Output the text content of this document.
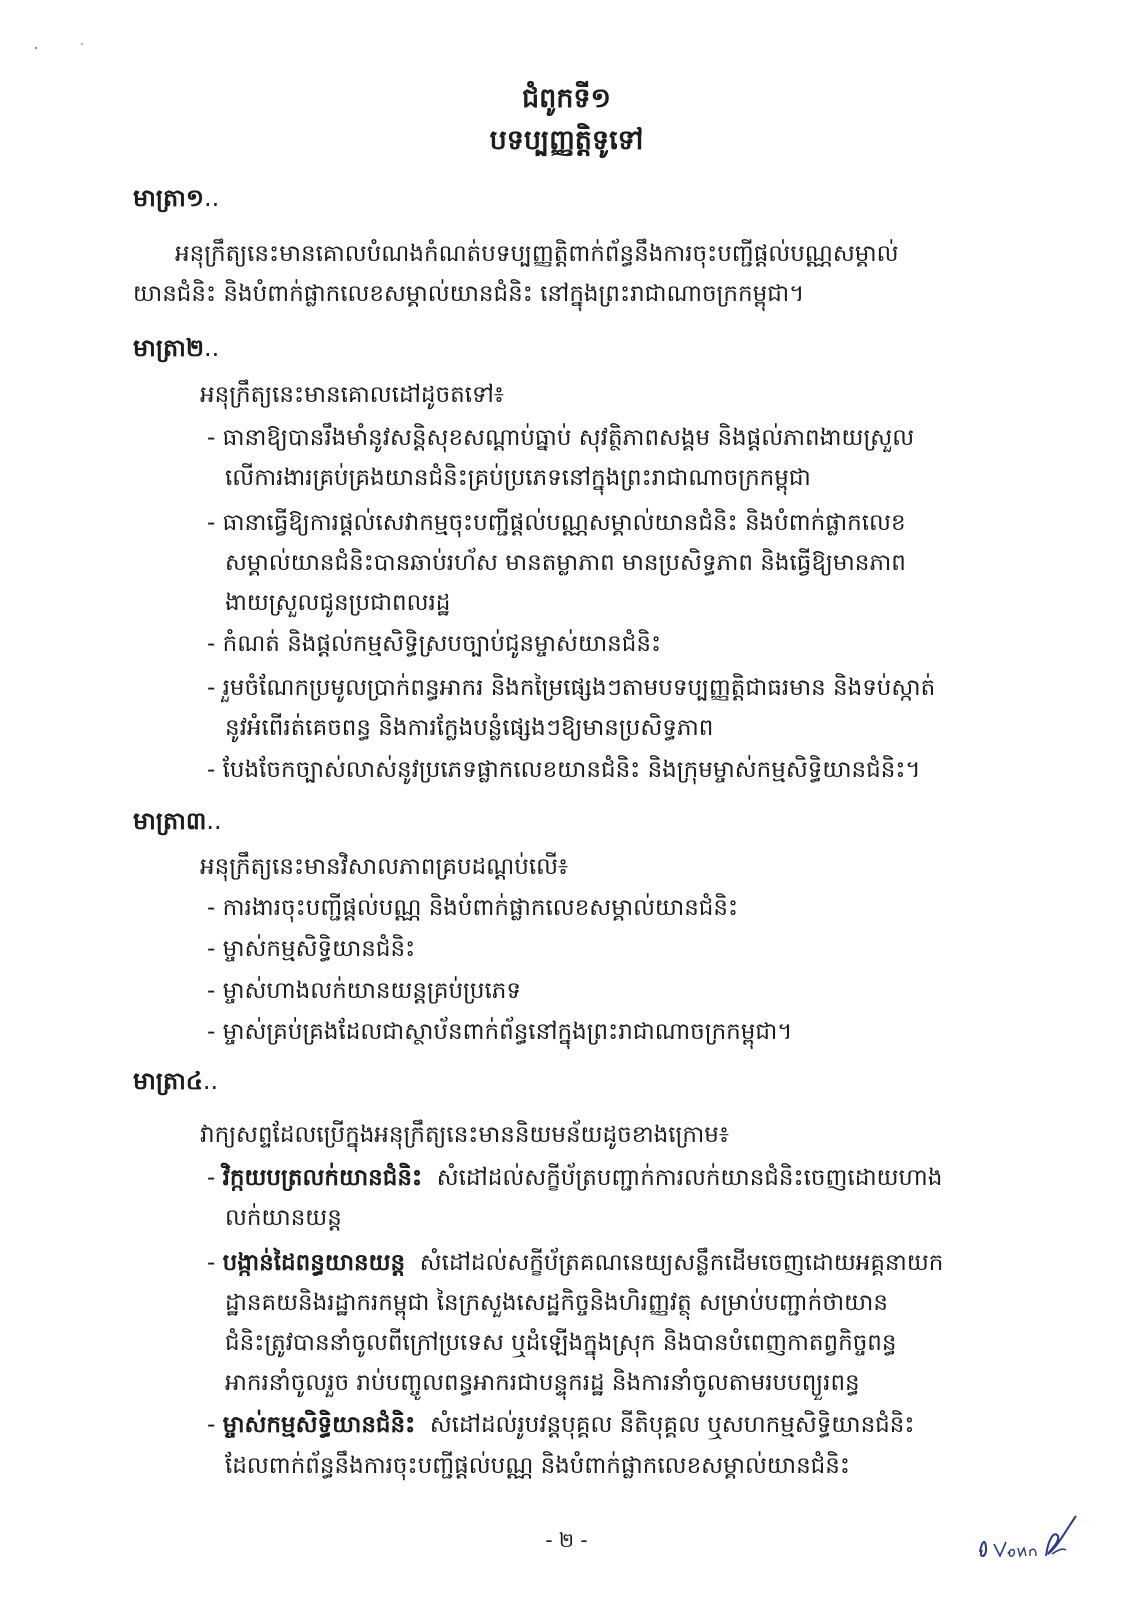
ជំពូកទី១
បទប្បញ្ញត្តិទូទៅ
មាត្រា១..

អនុក្រឹត្យនេះមានគោលបំណងកំណត់បទប្បញ្ញត្តិពាក់ព័ន្ធនឹងការចុះបញ្ជីផ្តល់បណ្ណសម្គាល់

យានជំនិះ និងបំពាក់ផ្លាកលេខសម្គាល់យានជំនិះ នៅក្នុងព្រះរាជាណាចក្រកម្ពុជា។

មាត្រា២..

អនុក្រឹត្យនេះមានគោលដៅដូចតទៅ៖

- ធានាឱ្យបានរឹងមាំនូវសន្តិសុខសណ្តាប់ធ្នាប់ សុវត្ថិភាពសង្គម និងផ្តល់ភាពងាយស្រួល

លើការងារគ្រប់គ្រងយានជំនិះគ្រប់ប្រភេទនៅក្នុងព្រះរាជាណាចក្រកម្ពុជា

- ធានាធ្វើឱ្យការផ្តល់សេវាកម្មចុះបញ្ជីផ្តល់បណ្ណសម្គាល់យានជំនិះ និងបំពាក់ផ្លាកលេខ

សម្គាល់យានជំនិះបានឆាប់រហ័ស មានតម្លាភាព មានប្រសិទ្ធភាព និងធ្វើឱ្យមានភាព

ងាយស្រួលជូនប្រជាពលរដ្ឋ

- កំណត់ និងផ្តល់កម្មសិទ្ធិស្របច្បាប់ជូនម្ចាស់យានជំនិះ

- រួមចំណែកប្រមូលប្រាក់ពន្ធអាករ និងកម្រៃផ្សេងៗតាមបទប្បញ្ញត្តិជាធរមាន និងទប់ស្កាត់

នូវអំពើរត់គេចពន្ធ និងការក្លែងបន្លំផ្សេងៗឱ្យមានប្រសិទ្ធភាព

- បែងចែកច្បាស់លាស់នូវប្រភេទផ្លាកលេខយានជំនិះ និងក្រុមម្ចាស់កម្មសិទ្ធិយានជំនិះ។

មាត្រា៣..

អនុក្រឹត្យនេះមានវិសាលភាពគ្របដណ្តប់លើ៖

- ការងារចុះបញ្ជីផ្តល់បណ្ណ និងបំពាក់ផ្លាកលេខសម្គាល់យានជំនិះ

- ម្ចាស់កម្មសិទ្ធិយានជំនិះ

- ម្ចាស់ហាងលក់យានយន្តគ្រប់ប្រភេទ

- ម្ចាស់គ្រប់គ្រងដែលជាស្ថាប័នពាក់ព័ន្ធនៅក្នុងព្រះរាជាណាចក្រកម្ពុជា។

មាត្រា៤..

វាក្យសព្ទដែលប្រើក្នុងអនុក្រឹត្យនេះមាននិយមន័យដូចខាងក្រោម៖

- វិក្កយបត្រលក់យានជំនិះ សំដៅដល់សក្ខីប័ត្របញ្ជាក់ការលក់យានជំនិះចេញដោយហាង

លក់យានយន្ត

- បង្កាន់ដៃពន្ធយានយន្ត សំដៅដល់សក្ខីប័ត្រគណនេយ្យសន្លឹកដើមចេញដោយអគ្គនាយក

ដ្ឋានគយនិងរដ្ឋាករកម្ពុជា នៃក្រសួងសេដ្ឋកិច្ចនិងហិរញ្ញវត្ថុ សម្រាប់បញ្ជាក់ថាយាន

ជំនិះត្រូវបាននាំចូលពីក្រៅប្រទេស ឬដំឡើងក្នុងស្រុក និងបានបំពេញកាតព្វកិច្ចពន្ធ

អាករនាំចូលរួច រាប់បញ្ចូលពន្ធអាករជាបន្ទុករដ្ឋ និងការនាំចូលតាមរបបព្យួរពន្ធ

- ម្ចាស់កម្មសិទ្ធិយានជំនិះ សំដៅដល់រូបវន្តបុគ្គល នីតិបុគ្គល ឬសហកម្មសិទ្ធិយានជំនិះ

ដែលពាក់ព័ន្ធនឹងការចុះបញ្ជីផ្តល់បណ្ណ និងបំពាក់ផ្លាកលេខសម្គាល់យានជំនិះ

- ២ -
